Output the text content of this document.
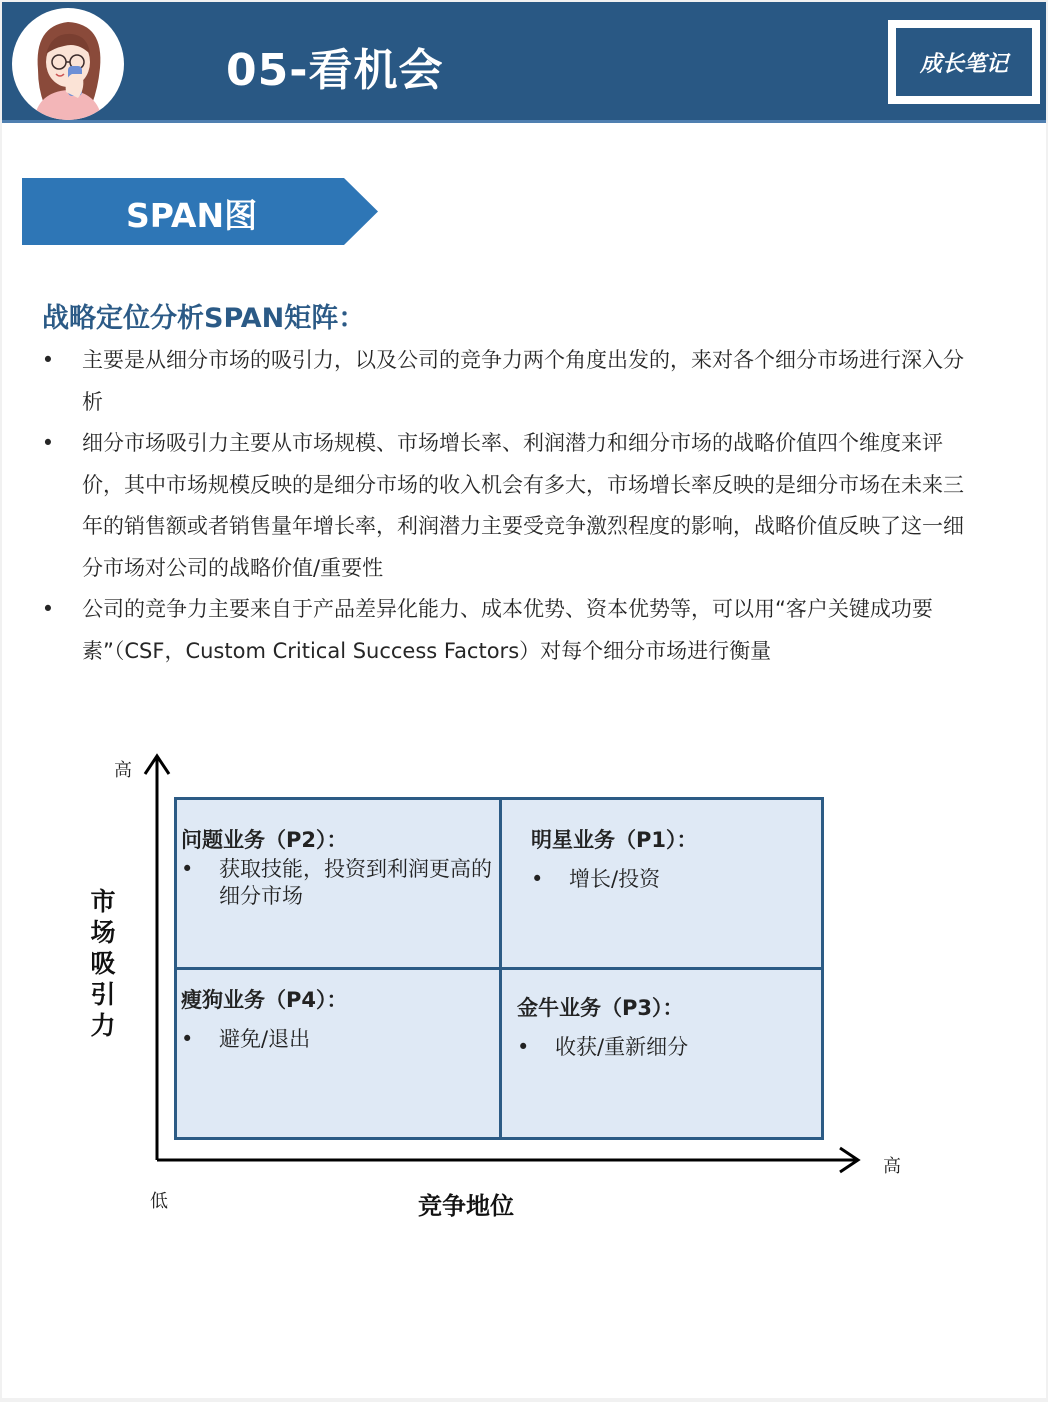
05-看机会	成长笔记
SPAN图
战略定位分析SPAN矩阵：
• 主要是从细分市场的吸引力，以及公司的竞争力两个角度出发的，来对各个细分市场进行深入分析
• 细分市场吸引力主要从市场规模、市场增长率、利润潜力和细分市场的战略价值四个维度来评价，其中市场规模反映的是细分市场的收入机会有多大，市场增长率反映的是细分市场在未来三年的销售额或者销售量年增长率，利润潜力主要受竞争激烈程度的影响，战略价值反映了这一细分市场对公司的战略价值/重要性
• 公司的竞争力主要来自于产品差异化能力、成本优势、资本优势等，可以用“客户关键成功要素”（CSF，Custom Critical Success Factors）对每个细分市场进行衡量
高
低
高
市
场
吸
引
力
竞争地位
问题业务（P2）：
• 获取技能，投资到利润更高的细分市场
明星业务（P1）：
• 增长/投资
瘦狗业务（P4）：
• 避免/退出
金牛业务（P3）：
• 收获/重新细分
